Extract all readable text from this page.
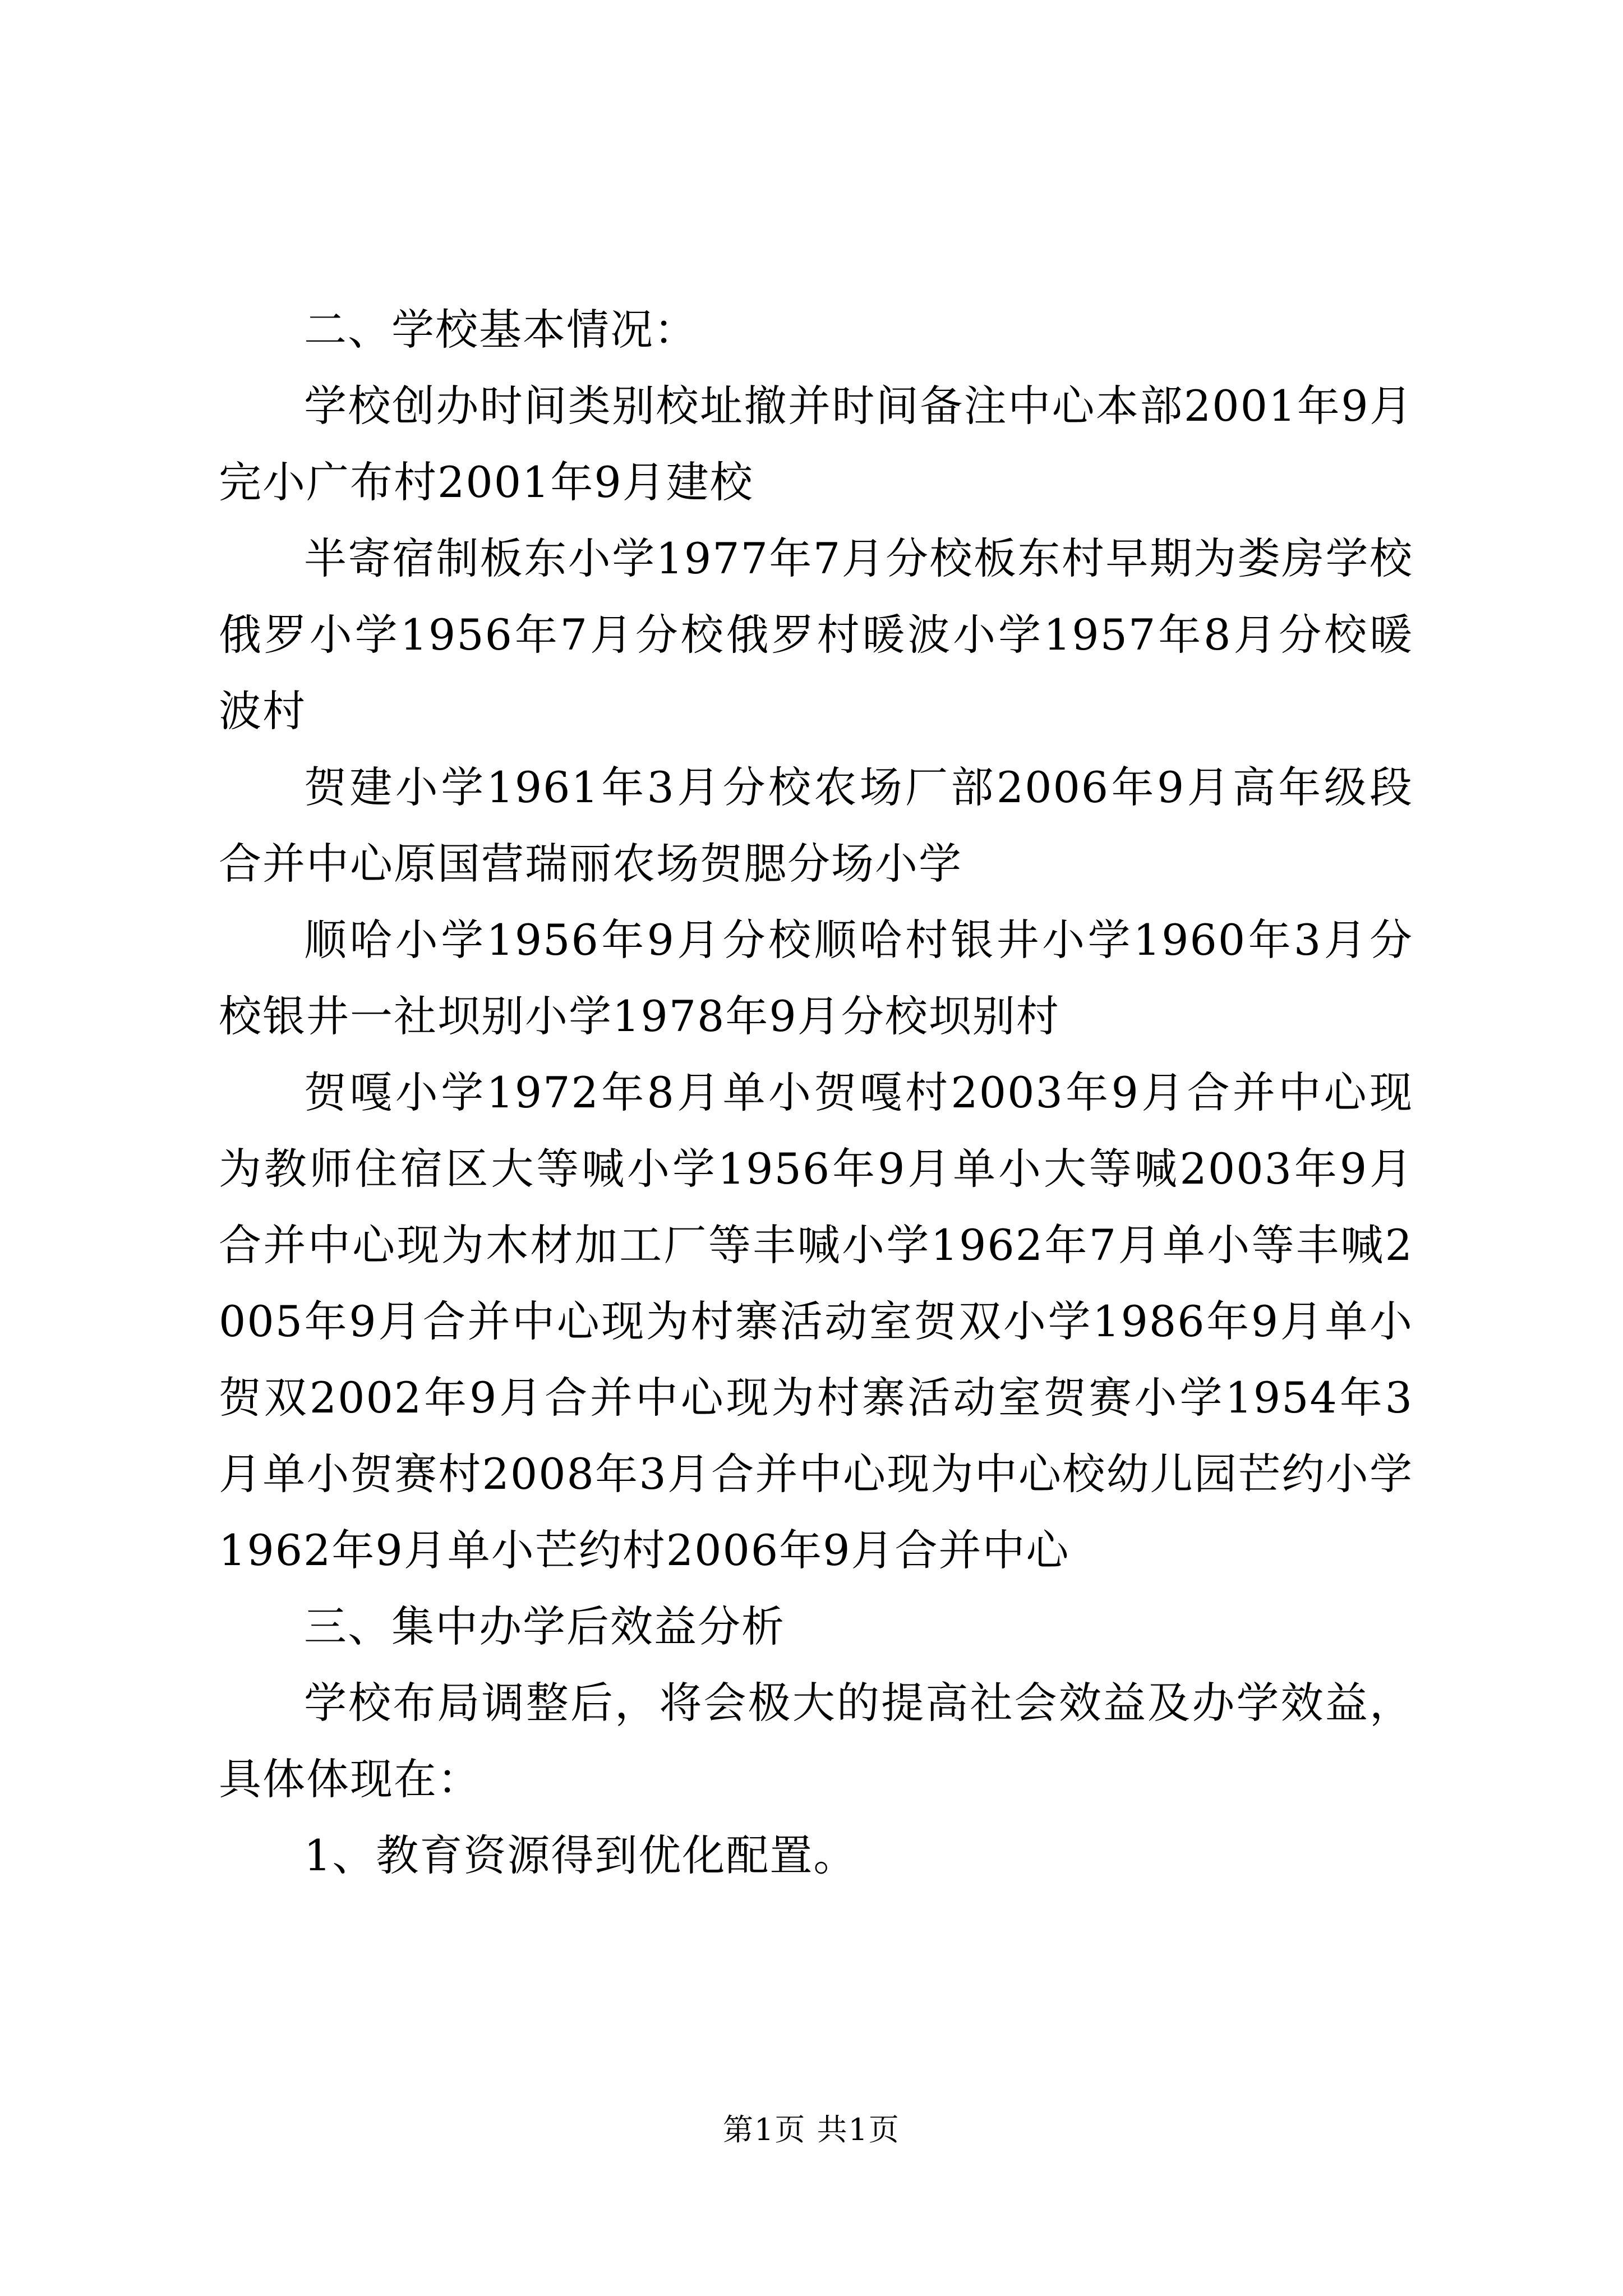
二、学校基本情况：

学校创办时间类别校址撤并时间备注中心本部2001年9月完小广布村2001年9月建校

半寄宿制板东小学1977年7月分校板东村早期为娄房学校俄罗小学1956年7月分校俄罗村暖波小学1957年8月分校暖波村

贺建小学1961年3月分校农场厂部2006年9月高年级段合并中心原国营瑞丽农场贺腮分场小学

顺哈小学1956年9月分校顺哈村银井小学1960年3月分校银井一社坝别小学1978年9月分校坝别村

贺嘎小学1972年8月单小贺嘎村2003年9月合并中心现为教师住宿区大等喊小学1956年9月单小大等喊2003年9月合并中心现为木材加工厂等丰喊小学1962年7月单小等丰喊2005年9月合并中心现为村寨活动室贺双小学1986年9月单小贺双2002年9月合并中心现为村寨活动室贺赛小学1954年3月单小贺赛村2008年3月合并中心现为中心校幼儿园芒约小学1962年9月单小芒约村2006年9月合并中心

三、集中办学后效益分析

学校布局调整后，将会极大的提高社会效益及办学效益，具体体现在：

1、教育资源得到优化配置。

第1页 共1页
